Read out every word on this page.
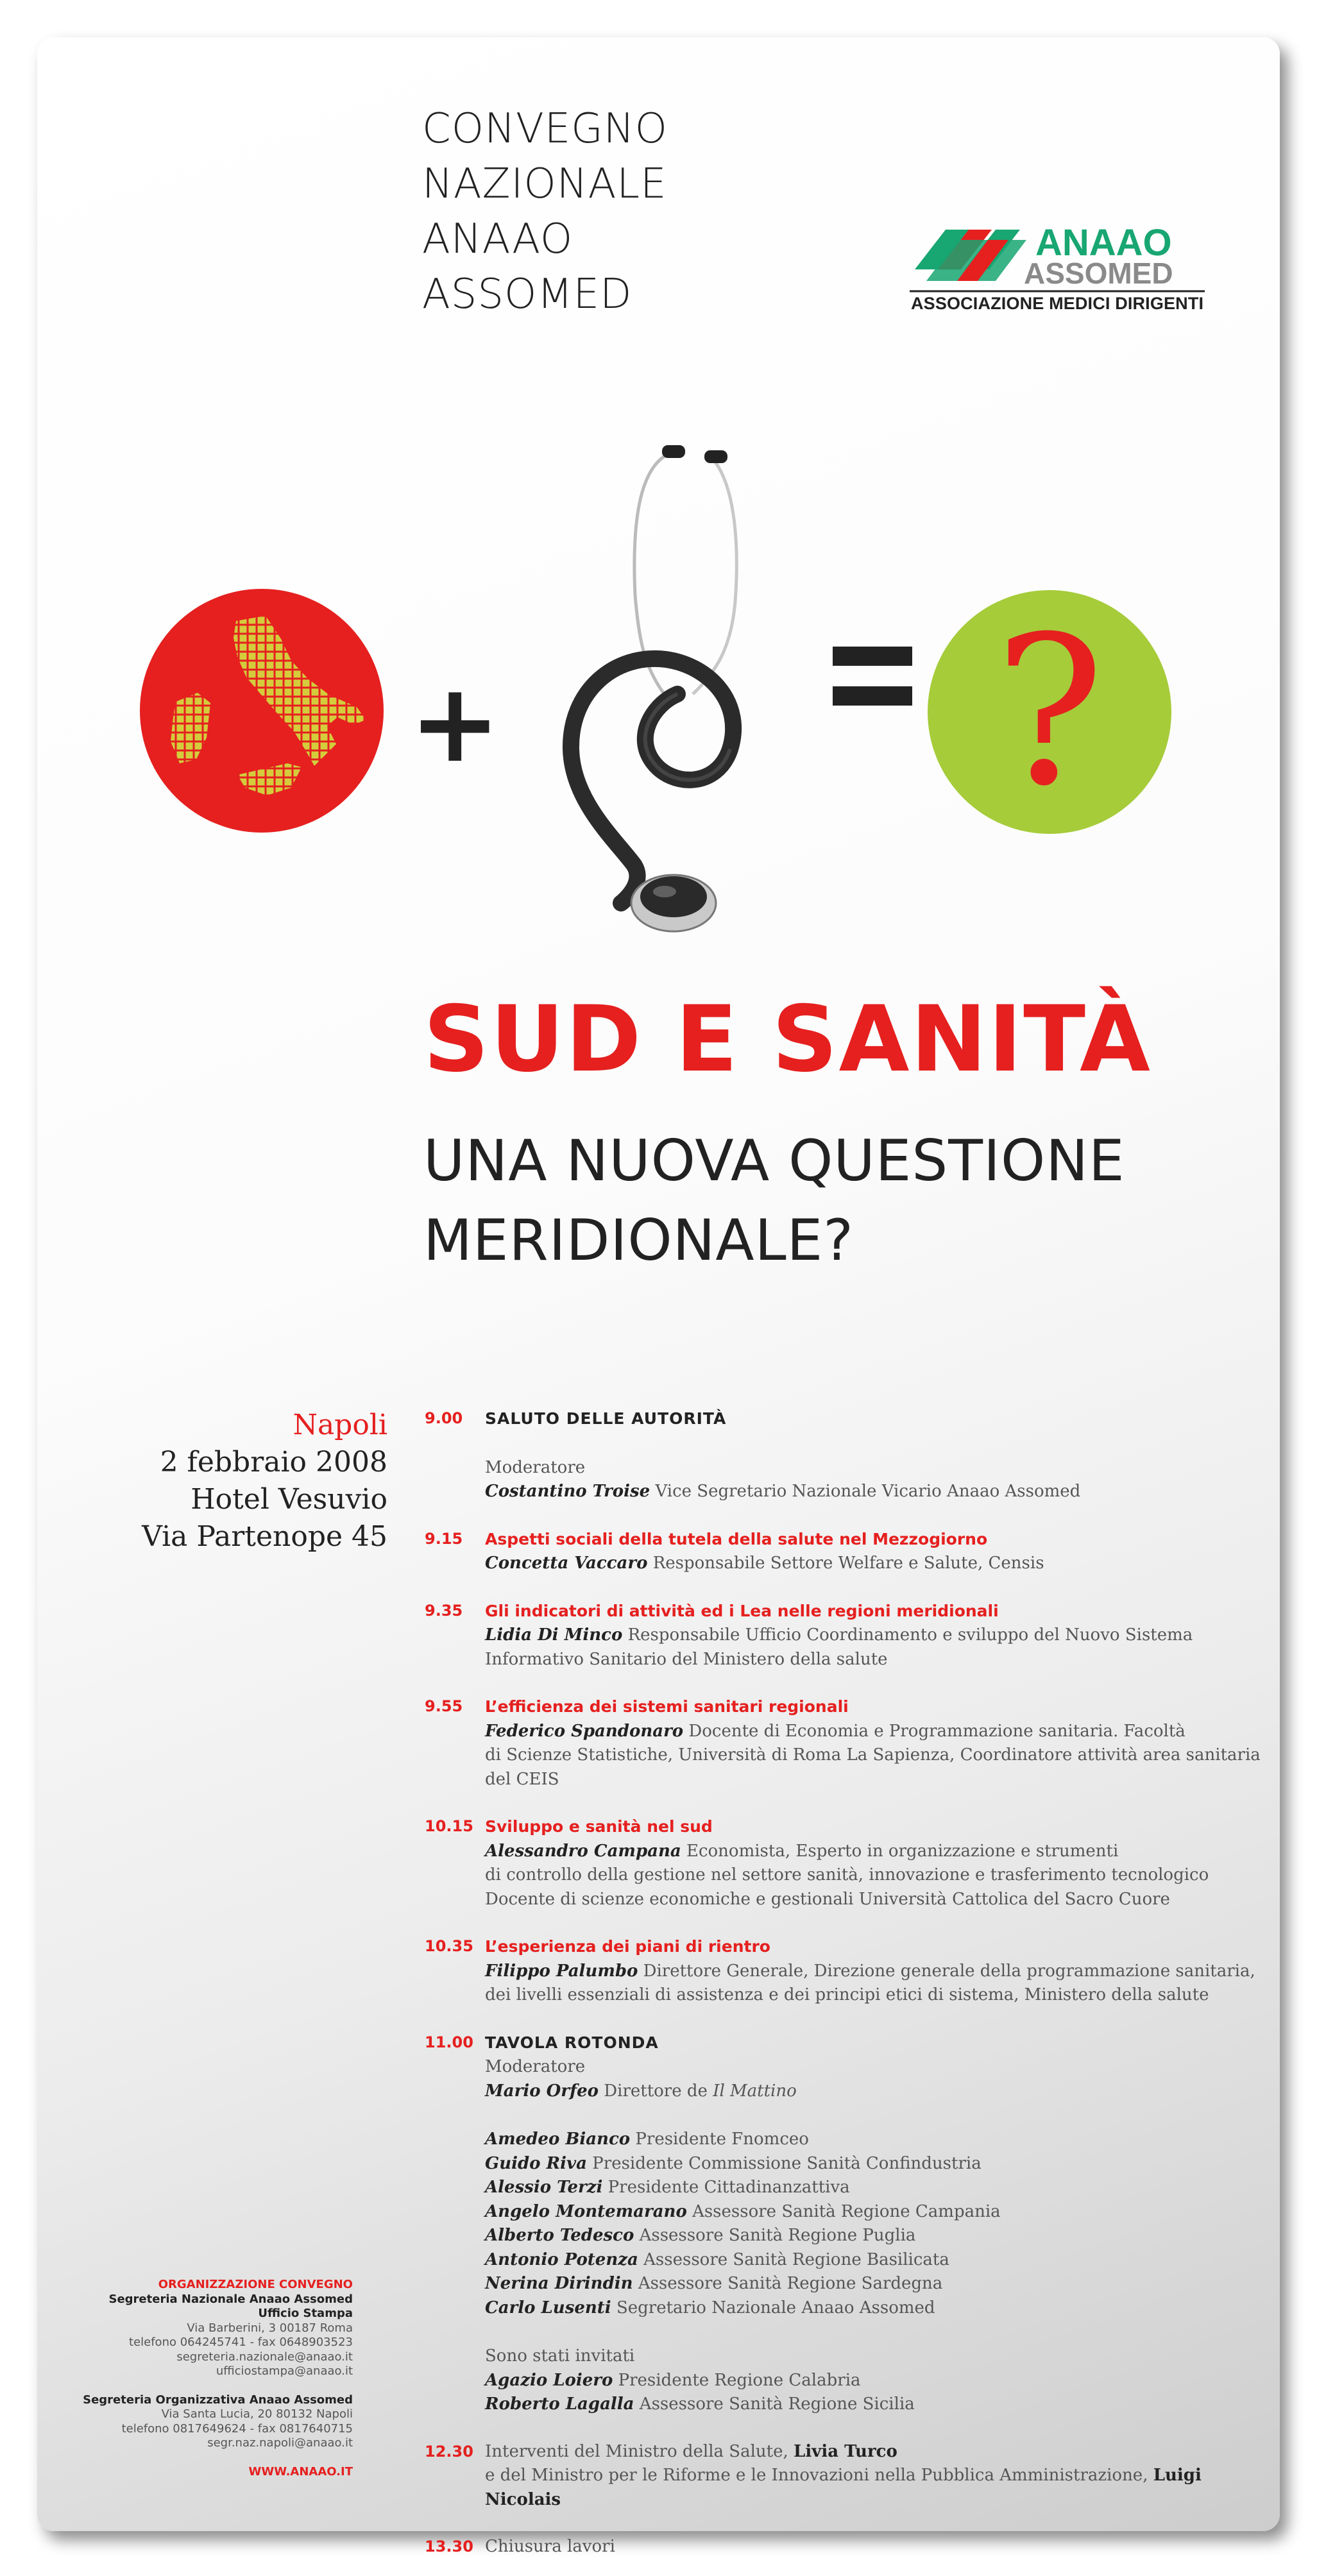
CONVEGNO
NAZIONALE
ANAAO
ASSOMED
ANAAO
ASSOMED
ASSOCIAZIONE MEDICI DIRIGENTI
+	?
SUD E SANITÀ
UNA NUOVA QUESTIONE
MERIDIONALE?
Napoli
2 febbraio 2008
Hotel Vesuvio
Via Partenope 45
9.00 SALUTO DELLE AUTORITÀ
Moderatore
Costantino Troise Vice Segretario Nazionale Vicario Anaao Assomed
9.15 Aspetti sociali della tutela della salute nel Mezzogiorno
Concetta Vaccaro Responsabile Settore Welfare e Salute, Censis
9.35 Gli indicatori di attività ed i Lea nelle regioni meridionali
Lidia Di Minco Responsabile Ufficio Coordinamento e sviluppo del Nuovo Sistema
Informativo Sanitario del Ministero della salute
9.55 L’efficienza dei sistemi sanitari regionali
Federico Spandonaro Docente di Economia e Programmazione sanitaria. Facoltà
di Scienze Statistiche, Università di Roma La Sapienza, Coordinatore attività area sanitaria del CEIS
10.15 Sviluppo e sanità nel sud
Alessandro Campana Economista, Esperto in organizzazione e strumenti
di controllo della gestione nel settore sanità, innovazione e trasferimento tecnologico
Docente di scienze economiche e gestionali Università Cattolica del Sacro Cuore
10.35 L’esperienza dei piani di rientro
Filippo Palumbo Direttore Generale, Direzione generale della programmazione sanitaria,
dei livelli essenziali di assistenza e dei principi etici di sistema, Ministero della salute
11.00 TAVOLA ROTONDA
Moderatore
Mario Orfeo Direttore de Il Mattino
Amedeo Bianco Presidente Fnomceo
Guido Riva Presidente Commissione Sanità Confindustria
Alessio Terzi Presidente Cittadinanzattiva
Angelo Montemarano Assessore Sanità Regione Campania
Alberto Tedesco Assessore Sanità Regione Puglia
Antonio Potenza Assessore Sanità Regione Basilicata
Nerina Dirindin Assessore Sanità Regione Sardegna
Carlo Lusenti Segretario Nazionale Anaao Assomed
Sono stati invitati
Agazio Loiero Presidente Regione Calabria
Roberto Lagalla Assessore Sanità Regione Sicilia
12.30 Interventi del Ministro della Salute, Livia Turco
e del Ministro per le Riforme e le Innovazioni nella Pubblica Amministrazione, Luigi Nicolais
13.30 Chiusura lavori
ORGANIZZAZIONE CONVEGNO
Segreteria Nazionale Anaao Assomed
Ufficio Stampa
Via Barberini, 3 00187 Roma
telefono 064245741 - fax 0648903523
segreteria.nazionale@anaao.it
ufficiostampa@anaao.it
Segreteria Organizzativa Anaao Assomed
Via Santa Lucia, 20 80132 Napoli
telefono 0817649624 - fax 0817640715
segr.naz.napoli@anaao.it
WWW.ANAAO.IT
